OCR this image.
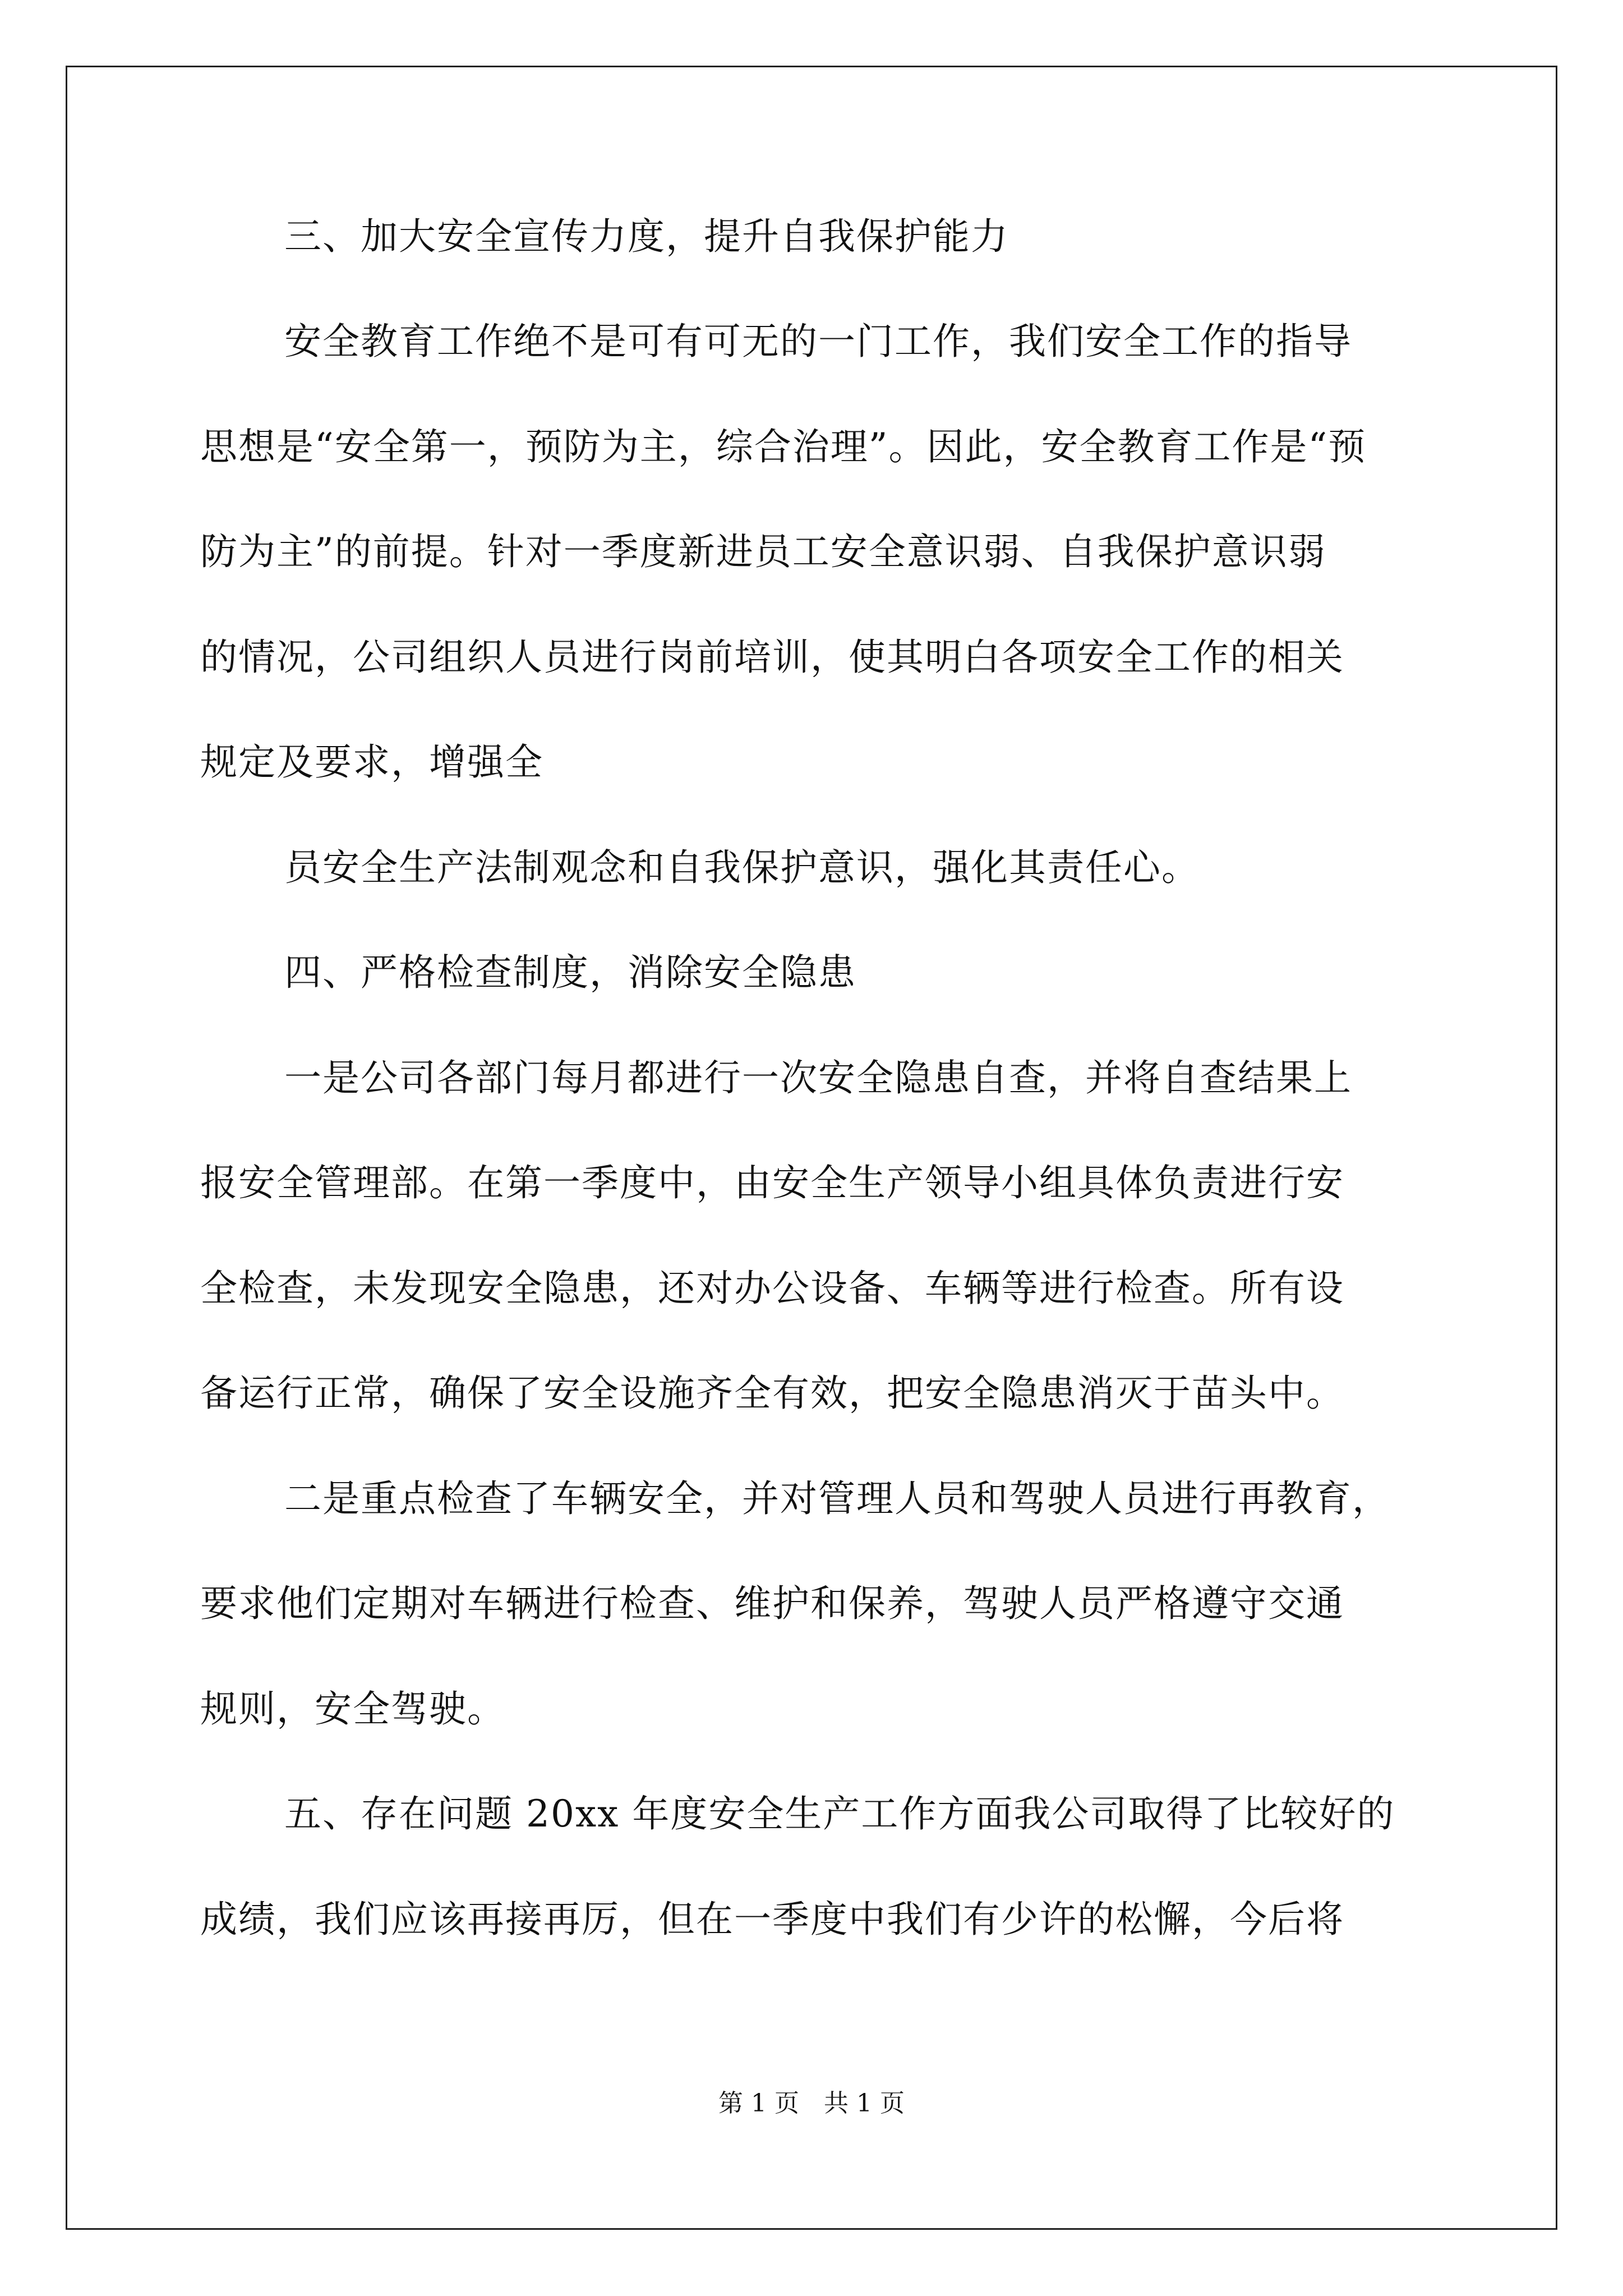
三、加大安全宣传力度，提升自我保护能力
安全教育工作绝不是可有可无的一门工作，我们安全工作的指导
思想是“安全第一，预防为主，综合治理”。因此，安全教育工作是“预
防为主”的前提。针对一季度新进员工安全意识弱、自我保护意识弱
的情况，公司组织人员进行岗前培训，使其明白各项安全工作的相关
规定及要求，增强全
员安全生产法制观念和自我保护意识，强化其责任心。
四、严格检查制度，消除安全隐患
一是公司各部门每月都进行一次安全隐患自查，并将自查结果上
报安全管理部。在第一季度中，由安全生产领导小组具体负责进行安
全检查，未发现安全隐患，还对办公设备、车辆等进行检查。所有设
备运行正常，确保了安全设施齐全有效，把安全隐患消灭于苗头中。
二是重点检查了车辆安全，并对管理人员和驾驶人员进行再教育，
要求他们定期对车辆进行检查、维护和保养，驾驶人员严格遵守交通
规则，安全驾驶。
五、存在问题 20xx 年度安全生产工作方面我公司取得了比较好的
成绩，我们应该再接再厉，但在一季度中我们有少许的松懈，今后将
第 1 页　共 1 页
